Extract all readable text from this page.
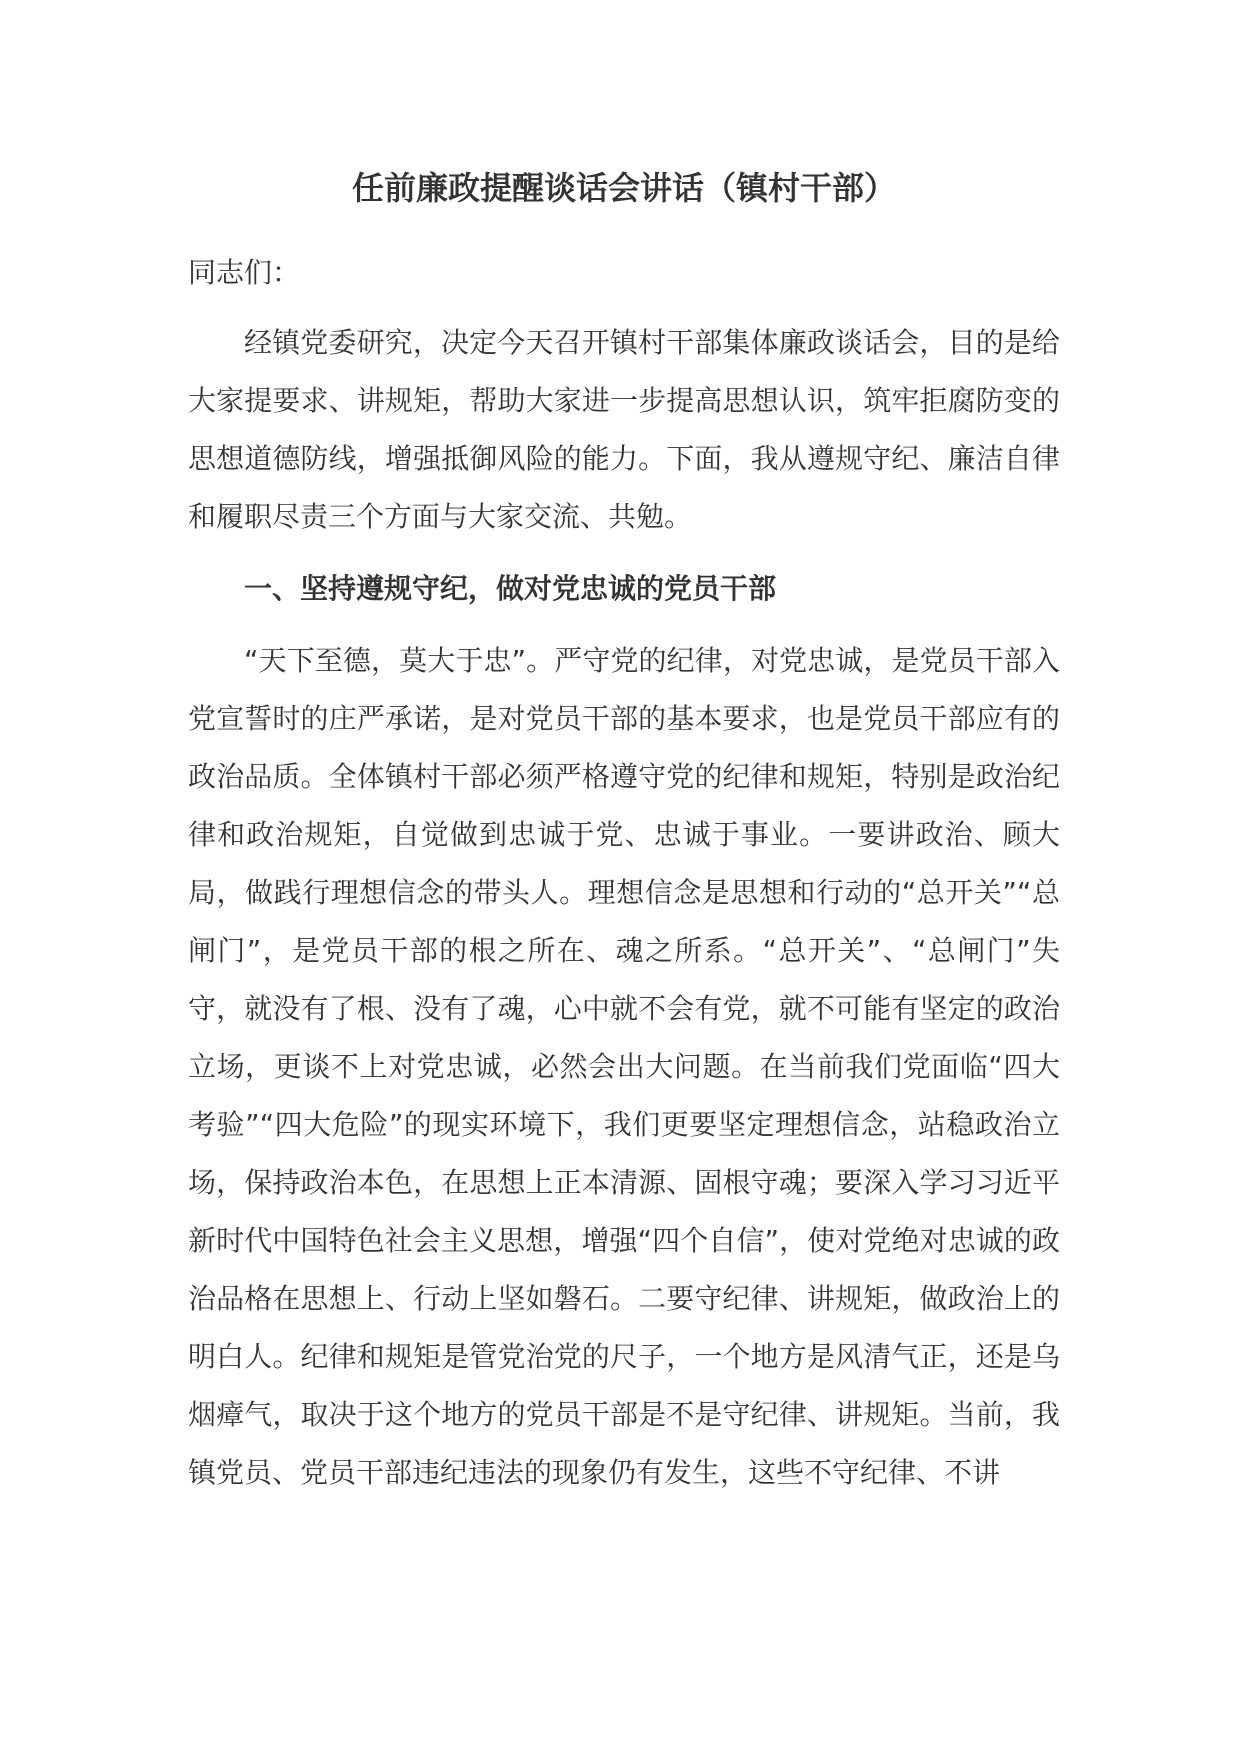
任前廉政提醒谈话会讲话（镇村干部）
同志们：

经镇党委研究，决定今天召开镇村干部集体廉政谈话会，目的是给大家提要求、讲规矩，帮助大家进一步提高思想认识，筑牢拒腐防变的思想道德防线，增强抵御风险的能力。下面，我从遵规守纪、廉洁自律和履职尽责三个方面与大家交流、共勉。

一、坚持遵规守纪，做对党忠诚的党员干部

“天下至德，莫大于忠”。严守党的纪律，对党忠诚，是党员干部入党宣誓时的庄严承诺，是对党员干部的基本要求，也是党员干部应有的政治品质。全体镇村干部必须严格遵守党的纪律和规矩，特别是政治纪律和政治规矩，自觉做到忠诚于党、忠诚于事业。一要讲政治、顾大局，做践行理想信念的带头人。理想信念是思想和行动的“总开关”“总闸门”，是党员干部的根之所在、魂之所系。“总开关”、“总闸门”失守，就没有了根、没有了魂，心中就不会有党，就不可能有坚定的政治立场，更谈不上对党忠诚，必然会出大问题。在当前我们党面临“四大考验”“四大危险”的现实环境下，我们更要坚定理想信念，站稳政治立场，保持政治本色，在思想上正本清源、固根守魂；要深入学习习近平新时代中国特色社会主义思想，增强“四个自信”，使对党绝对忠诚的政治品格在思想上、行动上坚如磐石。二要守纪律、讲规矩，做政治上的明白人。纪律和规矩是管党治党的尺子，一个地方是风清气正，还是乌烟瘴气，取决于这个地方的党员干部是不是守纪律、讲规矩。当前，我镇党员、党员干部违纪违法的现象仍有发生，这些不守纪律、不讲
